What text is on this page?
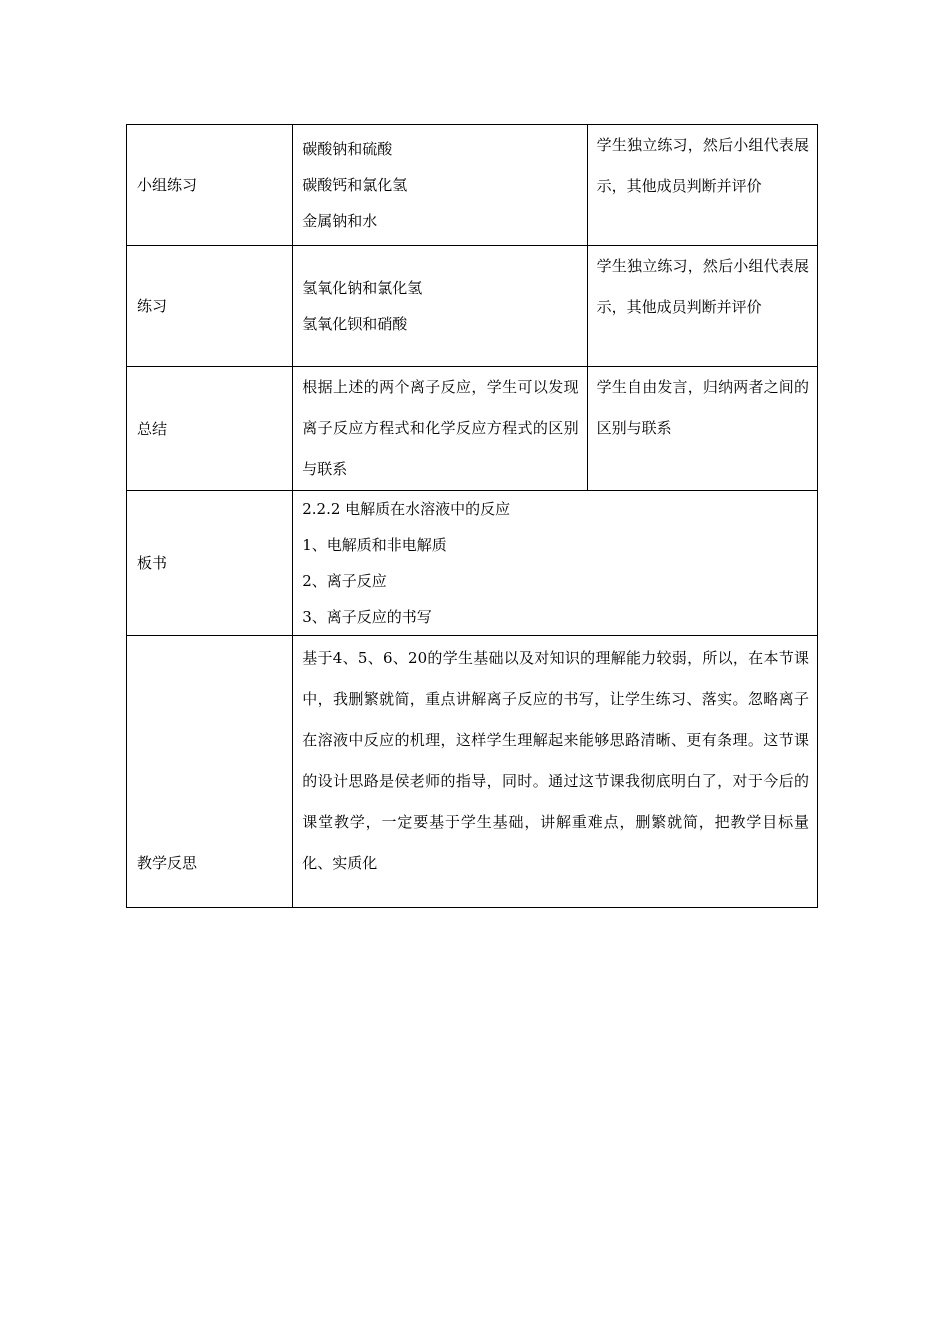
小组练习	碳酸钠和硫酸
碳酸钙和氯化氢
金属钠和水	学生独立练习，然后小组代表展示，其他成员判断并评价
练习	氢氧化钠和氯化氢
氢氧化钡和硝酸	学生独立练习，然后小组代表展示，其他成员判断并评价
总结	根据上述的两个离子反应，学生可以发现离子反应方程式和化学反应方程式的区别与联系	学生自由发言，归纳两者之间的区别与联系
板书	2.2.2 电解质在水溶液中的反应
1、电解质和非电解质
2、离子反应
3、离子反应的书写	

教学反思	基于4、5、6、20的学生基础以及对知识的理解能力较弱，所以，在本节课中，我删繁就简，重点讲解离子反应的书写，让学生练习、落实。忽略离子在溶液中反应的机理，这样学生理解起来能够思路清晰、更有条理。这节课的设计思路是侯老师的指导，同时。通过这节课我彻底明白了，对于今后的课堂教学，一定要基于学生基础，讲解重难点，删繁就简，把教学目标量化、实质化	
